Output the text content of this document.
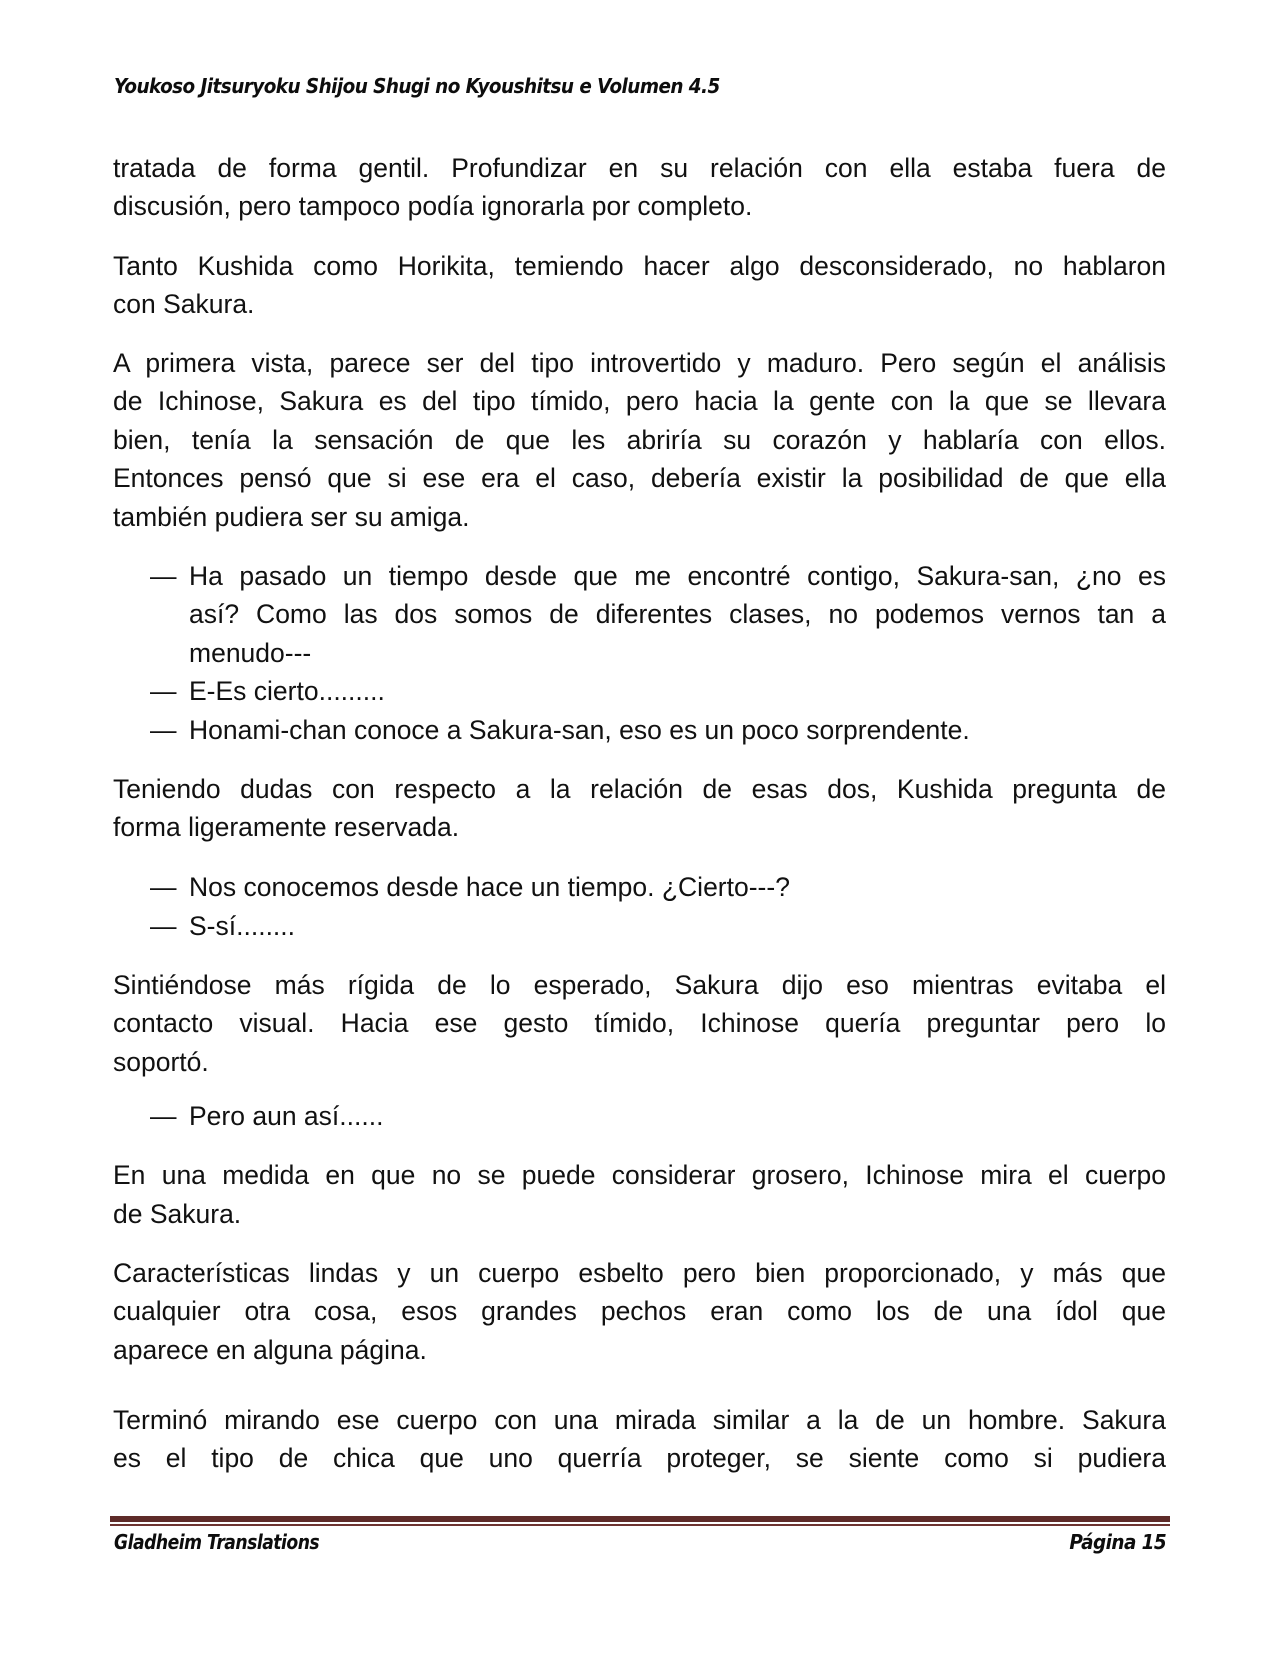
Youkoso Jitsuryoku Shijou Shugi no Kyoushitsu e Volumen 4.5
tratada de forma gentil. Profundizar en su relación con ella estaba fuera de
discusión, pero tampoco podía ignorarla por completo.
Tanto Kushida como Horikita, temiendo hacer algo desconsiderado, no hablaron
con Sakura.
A primera vista, parece ser del tipo introvertido y maduro. Pero según el análisis
de Ichinose, Sakura es del tipo tímido, pero hacia la gente con la que se llevara
bien, tenía la sensación de que les abriría su corazón y hablaría con ellos.
Entonces pensó que si ese era el caso, debería existir la posibilidad de que ella
también pudiera ser su amiga.
— Ha pasado un tiempo desde que me encontré contigo, Sakura-san, ¿no es
así? Como las dos somos de diferentes clases, no podemos vernos tan a
menudo---
— E-Es cierto.........
— Honami-chan conoce a Sakura-san, eso es un poco sorprendente.
Teniendo dudas con respecto a la relación de esas dos, Kushida pregunta de
forma ligeramente reservada.
— Nos conocemos desde hace un tiempo. ¿Cierto---?
— S-sí........
Sintiéndose más rígida de lo esperado, Sakura dijo eso mientras evitaba el
contacto visual. Hacia ese gesto tímido, Ichinose quería preguntar pero lo
soportó.
— Pero aun así......
En una medida en que no se puede considerar grosero, Ichinose mira el cuerpo
de Sakura.
Características lindas y un cuerpo esbelto pero bien proporcionado, y más que
cualquier otra cosa, esos grandes pechos eran como los de una ídol que
aparece en alguna página.
Terminó mirando ese cuerpo con una mirada similar a la de un hombre. Sakura
es el tipo de chica que uno querría proteger, se siente como si pudiera
Gladheim Translations	Página 15
